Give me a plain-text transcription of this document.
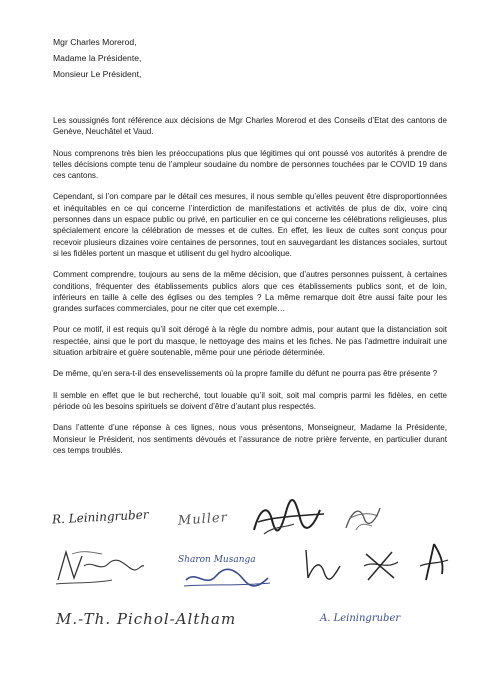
Mgr Charles Morerod,
Madame la Présidente,
Monsieur Le Président,

Les soussignés font référence aux décisions de Mgr Charles Morerod et des Conseils d’Etat des cantons de Genève, Neuchâtel et Vaud.

Nous comprenons très bien les préoccupations plus que légitimes qui ont poussé vos autorités à prendre de telles décisions compte tenu de l’ampleur soudaine du nombre de personnes touchées par le COVID 19 dans ces cantons.

Cependant, si l’on compare par le détail ces mesures, il nous semble qu’elles peuvent être disproportionnées et inéquitables en ce qui concerne l’interdiction de manifestations et activités de plus de dix, voire cinq personnes dans un espace public ou privé, en particulier en ce qui concerne les célébrations religieuses, plus spécialement encore la célébration de messes et de cultes. En effet, les lieux de cultes sont conçus pour recevoir plusieurs dizaines voire centaines de personnes, tout en sauvegardant les distances sociales, surtout si les fidèles portent un masque et utilisent du gel hydro alcoolique.

Comment comprendre, toujours au sens de la même décision, que d’autres personnes puissent, à certaines conditions, fréquenter des établissements publics alors que ces établissements publics sont, et de loin, inférieurs en taille à celle des églises ou des temples ? La même remarque doit être aussi faite pour les grandes surfaces commerciales, pour ne citer que cet exemple…

Pour ce motif, il est requis qu’il soit dérogé à la règle du nombre admis, pour autant que la distanciation soit respectée, ainsi que le port du masque, le nettoyage des mains et les fiches. Ne pas l’admettre induirait une situation arbitraire et guère soutenable, même pour une période déterminée.

De même, qu’en sera-t-il des ensevelissements où la propre famille du défunt ne pourra pas être présente ?

Il semble en effet que le but recherché, tout louable qu’il soit, soit mal compris parmi les fidèles, en cette période où les besoins spirituels se doivent d’être d’autant plus respectés.

Dans l’attente d’une réponse à ces lignes, nous vous présentons, Monseigneur, Madame la Présidente, Monsieur le Président, nos sentiments dévoués et l’assurance de notre prière fervente, en particulier durant ces temps troublés.

R. Leiningruber Muller
Sharon Musanga
M.-Th. Pichol-Altham	A. Leiningruber
